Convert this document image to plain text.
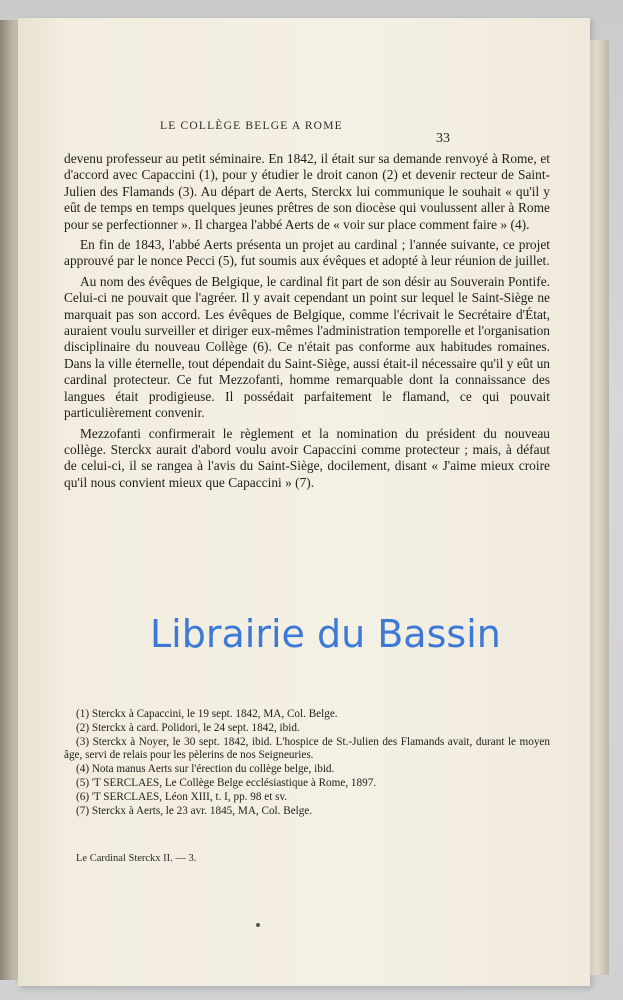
LE COLLÈGE BELGE A ROME
33

devenu professeur au petit séminaire. En 1842, il était sur sa demande renvoyé à Rome, et d'accord avec Capaccini (1), pour y étudier le droit canon (2) et devenir recteur de Saint-Julien des Flamands (3). Au départ de Aerts, Sterckx lui communique le souhait « qu'il y eût de temps en temps quelques jeunes prêtres de son diocèse qui voulussent aller à Rome pour se perfectionner ». Il chargea l'abbé Aerts de « voir sur place comment faire » (4).

En fin de 1843, l'abbé Aerts présenta un projet au cardinal ; l'année suivante, ce projet approuvé par le nonce Pecci (5), fut soumis aux évêques et adopté à leur réunion de juillet.

Au nom des évêques de Belgique, le cardinal fit part de son désir au Souverain Pontife. Celui-ci ne pouvait que l'agréer. Il y avait cependant un point sur lequel le Saint-Siège ne marquait pas son accord. Les évêques de Belgique, comme l'écrivait le Secrétaire d'État, auraient voulu surveiller et diriger eux-mêmes l'administration temporelle et l'organisation disciplinaire du nouveau Collège (6). Ce n'était pas conforme aux habitudes romaines. Dans la ville éternelle, tout dépendait du Saint-Siège, aussi était-il nécessaire qu'il y eût un cardinal protecteur. Ce fut Mezzofanti, homme remarquable dont la connaissance des langues était prodigieuse. Il possédait parfaitement le flamand, ce qui pouvait particulièrement convenir.

Mezzofanti confirmerait le règlement et la nomination du président du nouveau collège. Sterckx aurait d'abord voulu avoir Capaccini comme protecteur ; mais, à défaut de celui-ci, il se rangea à l'avis du Saint-Siège, docilement, disant « J'aime mieux croire qu'il nous convient mieux que Capaccini » (7).

(1) Sterckx à Capaccini, le 19 sept. 1842, MA, Col. Belge.

(2) Sterckx à card. Polidori, le 24 sept. 1842, ibid.

(3) Sterckx à Noyer, le 30 sept. 1842, ibid. L'hospice de St.-Julien des Flamands avait, durant le moyen âge, servi de relais pour les pèlerins de nos Seigneuries.

(4) Nota manus Aerts sur l'érection du collège belge, ibid.

(5) 'T SERCLAES, Le Collège Belge ecclésiastique à Rome, 1897.

(6) 'T SERCLAES, Léon XIII, t. I, pp. 98 et sv.

(7) Sterckx à Aerts, le 23 avr. 1845, MA, Col. Belge.

Le Cardinal Sterckx II. — 3.
Librairie du Bassin
